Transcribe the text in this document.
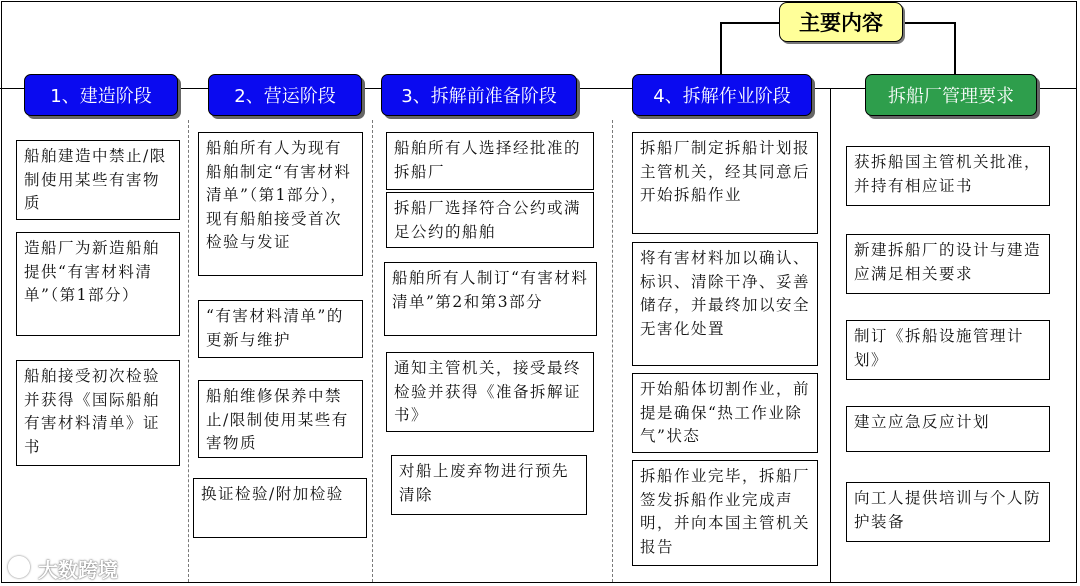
主要内容
1、建造阶段	2、营运阶段	3、拆解前准备阶段	4、拆解作业阶段	拆船厂管理要求
船舶建造中禁止/限制使用某些有害物质
造船厂为新造船舶提供“有害材料清单”（第1部分）
船舶接受初次检验并获得《国际船舶有害材料清单》证书
船舶所有人为现有船舶制定“有害材料清单”（第1部分），现有船舶接受首次检验与发证
“有害材料清单”的更新与维护
船舶维修保养中禁止/限制使用某些有害物质
换证检验/附加检验
船舶所有人选择经批准的拆船厂
拆船厂选择符合公约或满足公约的船舶
船舶所有人制订“有害材料清单”第2和第3部分
通知主管机关，接受最终检验并获得《准备拆解证书》
对船上废弃物进行预先清除
拆船厂制定拆船计划报主管机关，经其同意后开始拆船作业
将有害材料加以确认、标识、清除干净、妥善储存，并最终加以安全无害化处置
开始船体切割作业，前提是确保“热工作业除气”状态
拆船作业完毕，拆船厂签发拆船作业完成声明，并向本国主管机关报告
获拆船国主管机关批准，并持有相应证书
新建拆船厂的设计与建造应满足相关要求
制订《拆船设施管理计划》
建立应急反应计划
向工人提供培训与个人防护装备
大数跨境
